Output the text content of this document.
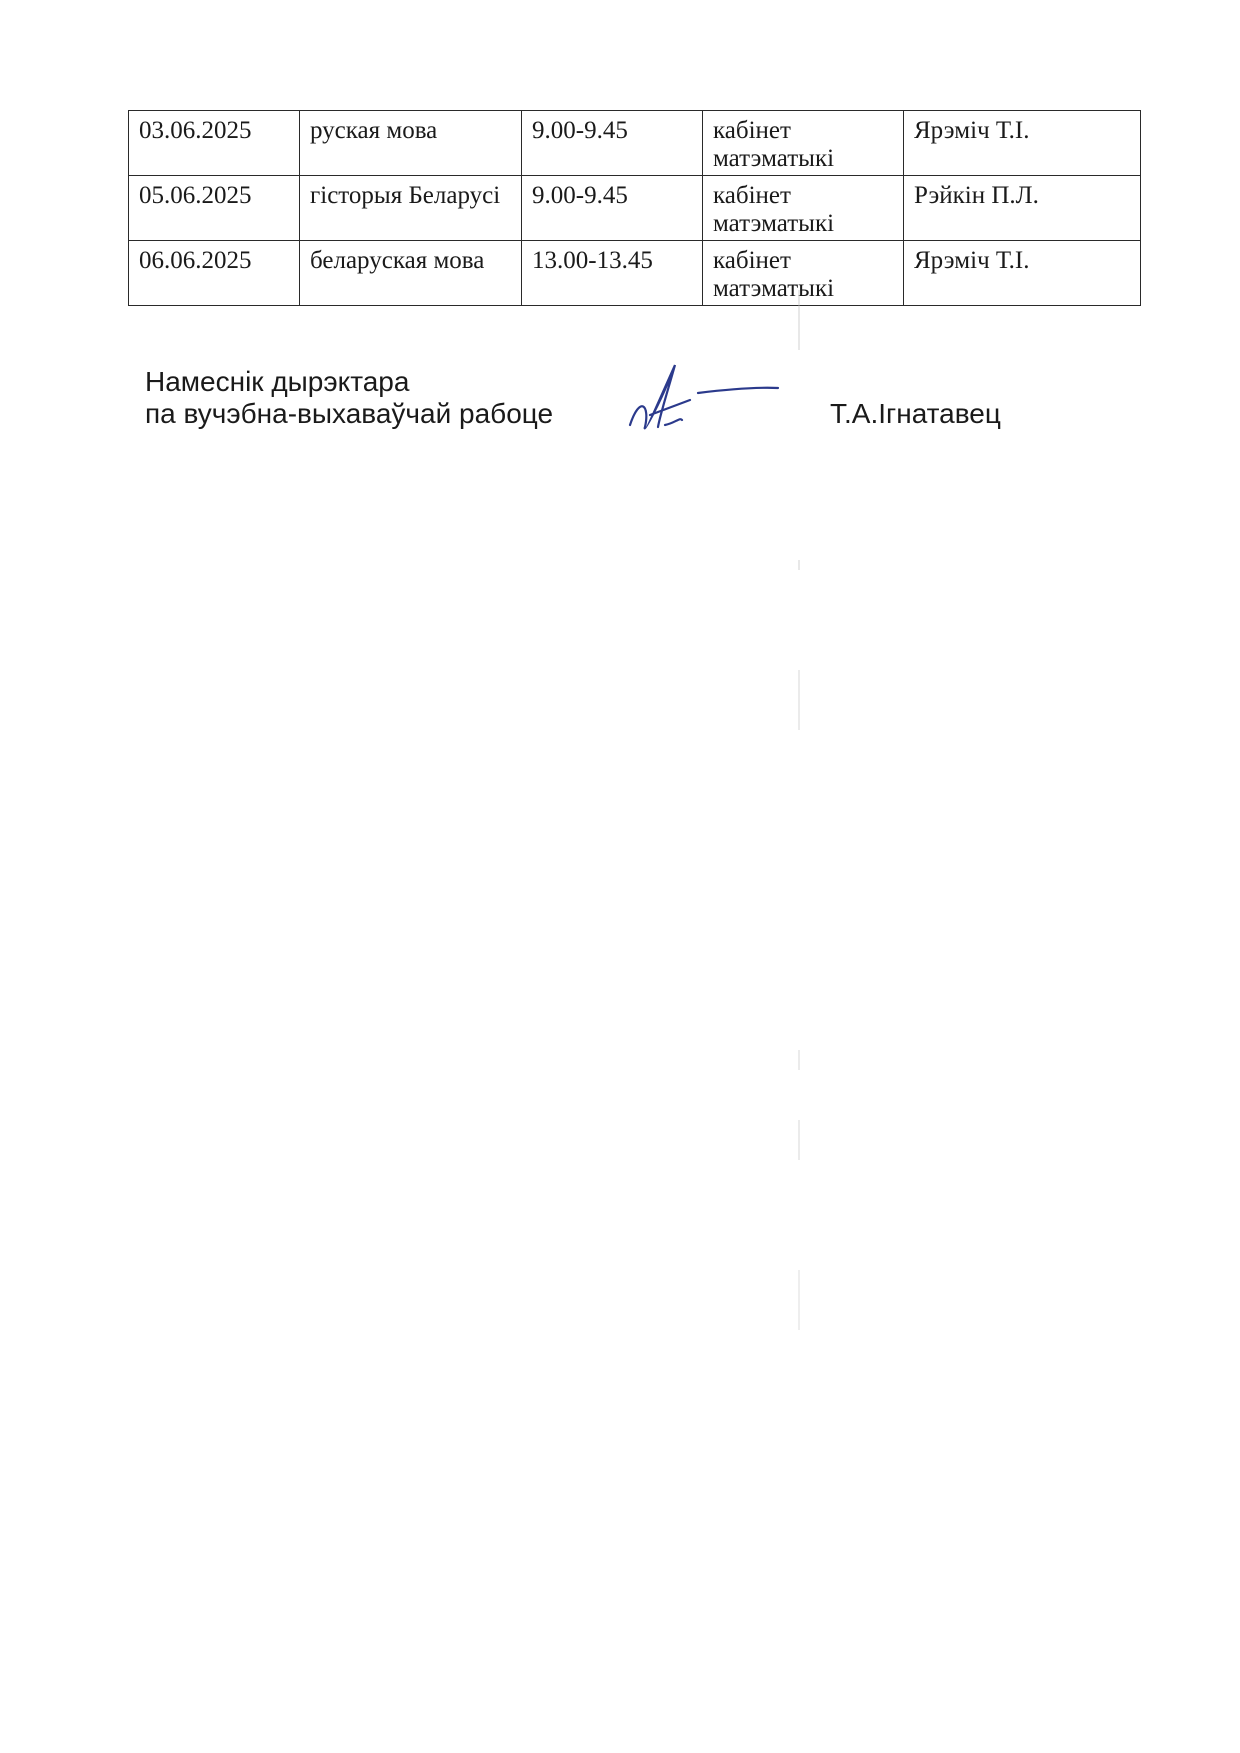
03.06.2025	руская мова	9.00-9.45	кабінет матэматыкі	Ярэміч Т.І.
05.06.2025	гісторыя Беларусі	9.00-9.45	кабінет матэматыкі	Рэйкін П.Л.
06.06.2025	беларуская мова	13.00-13.45	кабінет матэматыкі	Ярэміч Т.І.
Намеснік дырэктара
па вучэбна-выхаваўчай рабоце	Т.А.Ігнатавец
